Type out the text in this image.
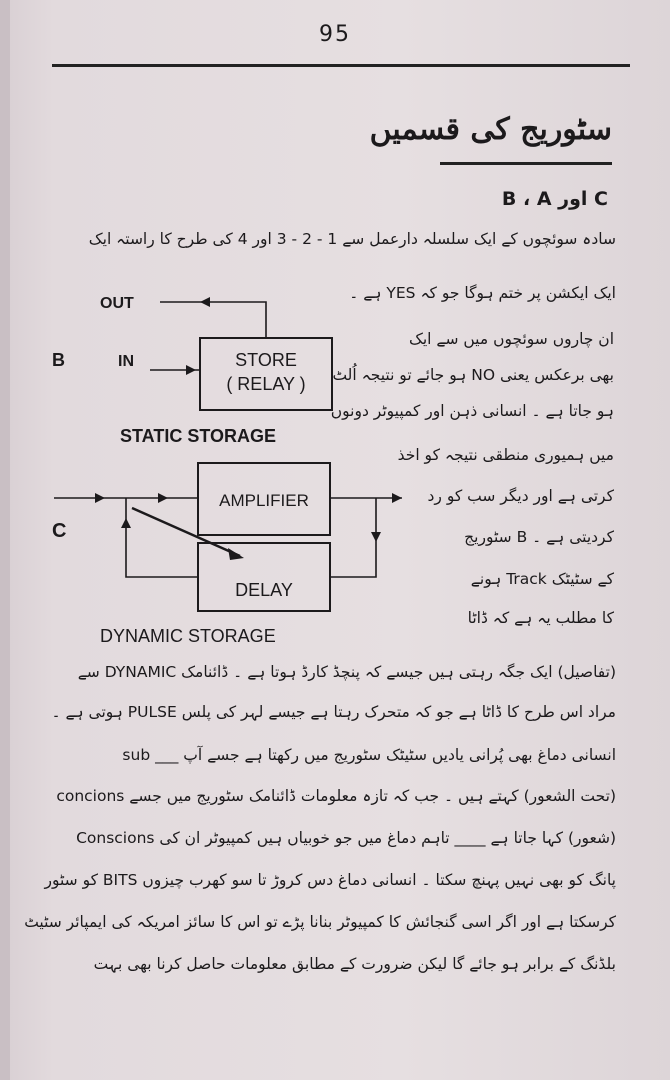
95
سٹوریج کی قسمیں
C اور B ، A
سادہ سوئچوں کے ایک سلسلہ دارعمل سے 1 - 2 - 3 اور 4 کی طرح کا راستہ ایک
ایک ایکشن پر ختم ہوگا جو کہ YES ہے ۔
ان چاروں سوئچوں میں سے ایک
بھی برعکس یعنی NO ہو جائے تو نتیجہ اُلٹ
ہو جاتا ہے ۔ انسانی ذہن اور کمپیوٹر دونوں
میں ہمیوری منطقی نتیجہ کو اخذ
کرتی ہے اور دیگر سب کو رد
کردیتی ہے ۔ B سٹوریج
کے سٹیٹک Track ہونے
کا مطلب یہ ہے کہ ڈاٹا
(تفاصیل) ایک جگہ رہتی ہیں جیسے کہ پنچڈ کارڈ ہوتا ہے ۔ ڈائنامک DYNAMIC سے
مراد اس طرح کا ڈاٹا ہے جو کہ متحرک رہتا ہے جیسے لہر کی پلس PULSE ہوتی ہے ۔
انسانی دماغ بھی پُرانی یادیں سٹیٹک سٹوریج میں رکھتا ہے جسے آپ ___ sub
(تحت الشعور) کہتے ہیں ۔ جب کہ تازہ معلومات ڈائنامک سٹوریج میں جسے concions
(شعور) کہا جاتا ہے ____ تاہم دماغ میں جو خوبیاں ہیں کمپیوٹر ان کی Conscions
پانگ کو بھی نہیں پہنچ سکتا ۔ انسانی دماغ دس کروڑ تا سو کھرب چیزوں BITS کو سٹور
کرسکتا ہے اور اگر اسی گنجائش کا کمپیوٹر بنانا پڑے تو اس کا سائز امریکہ کی ایمپائر سٹیٹ
بلڈنگ کے برابر ہو جائے گا لیکن ضرورت کے مطابق معلومات حاصل کرنا بھی بہت
OUT
B	IN	STORE
( RELAY )
STATIC STORAGE
AMPLIFIER
C
DELAY
DYNAMIC STORAGE
